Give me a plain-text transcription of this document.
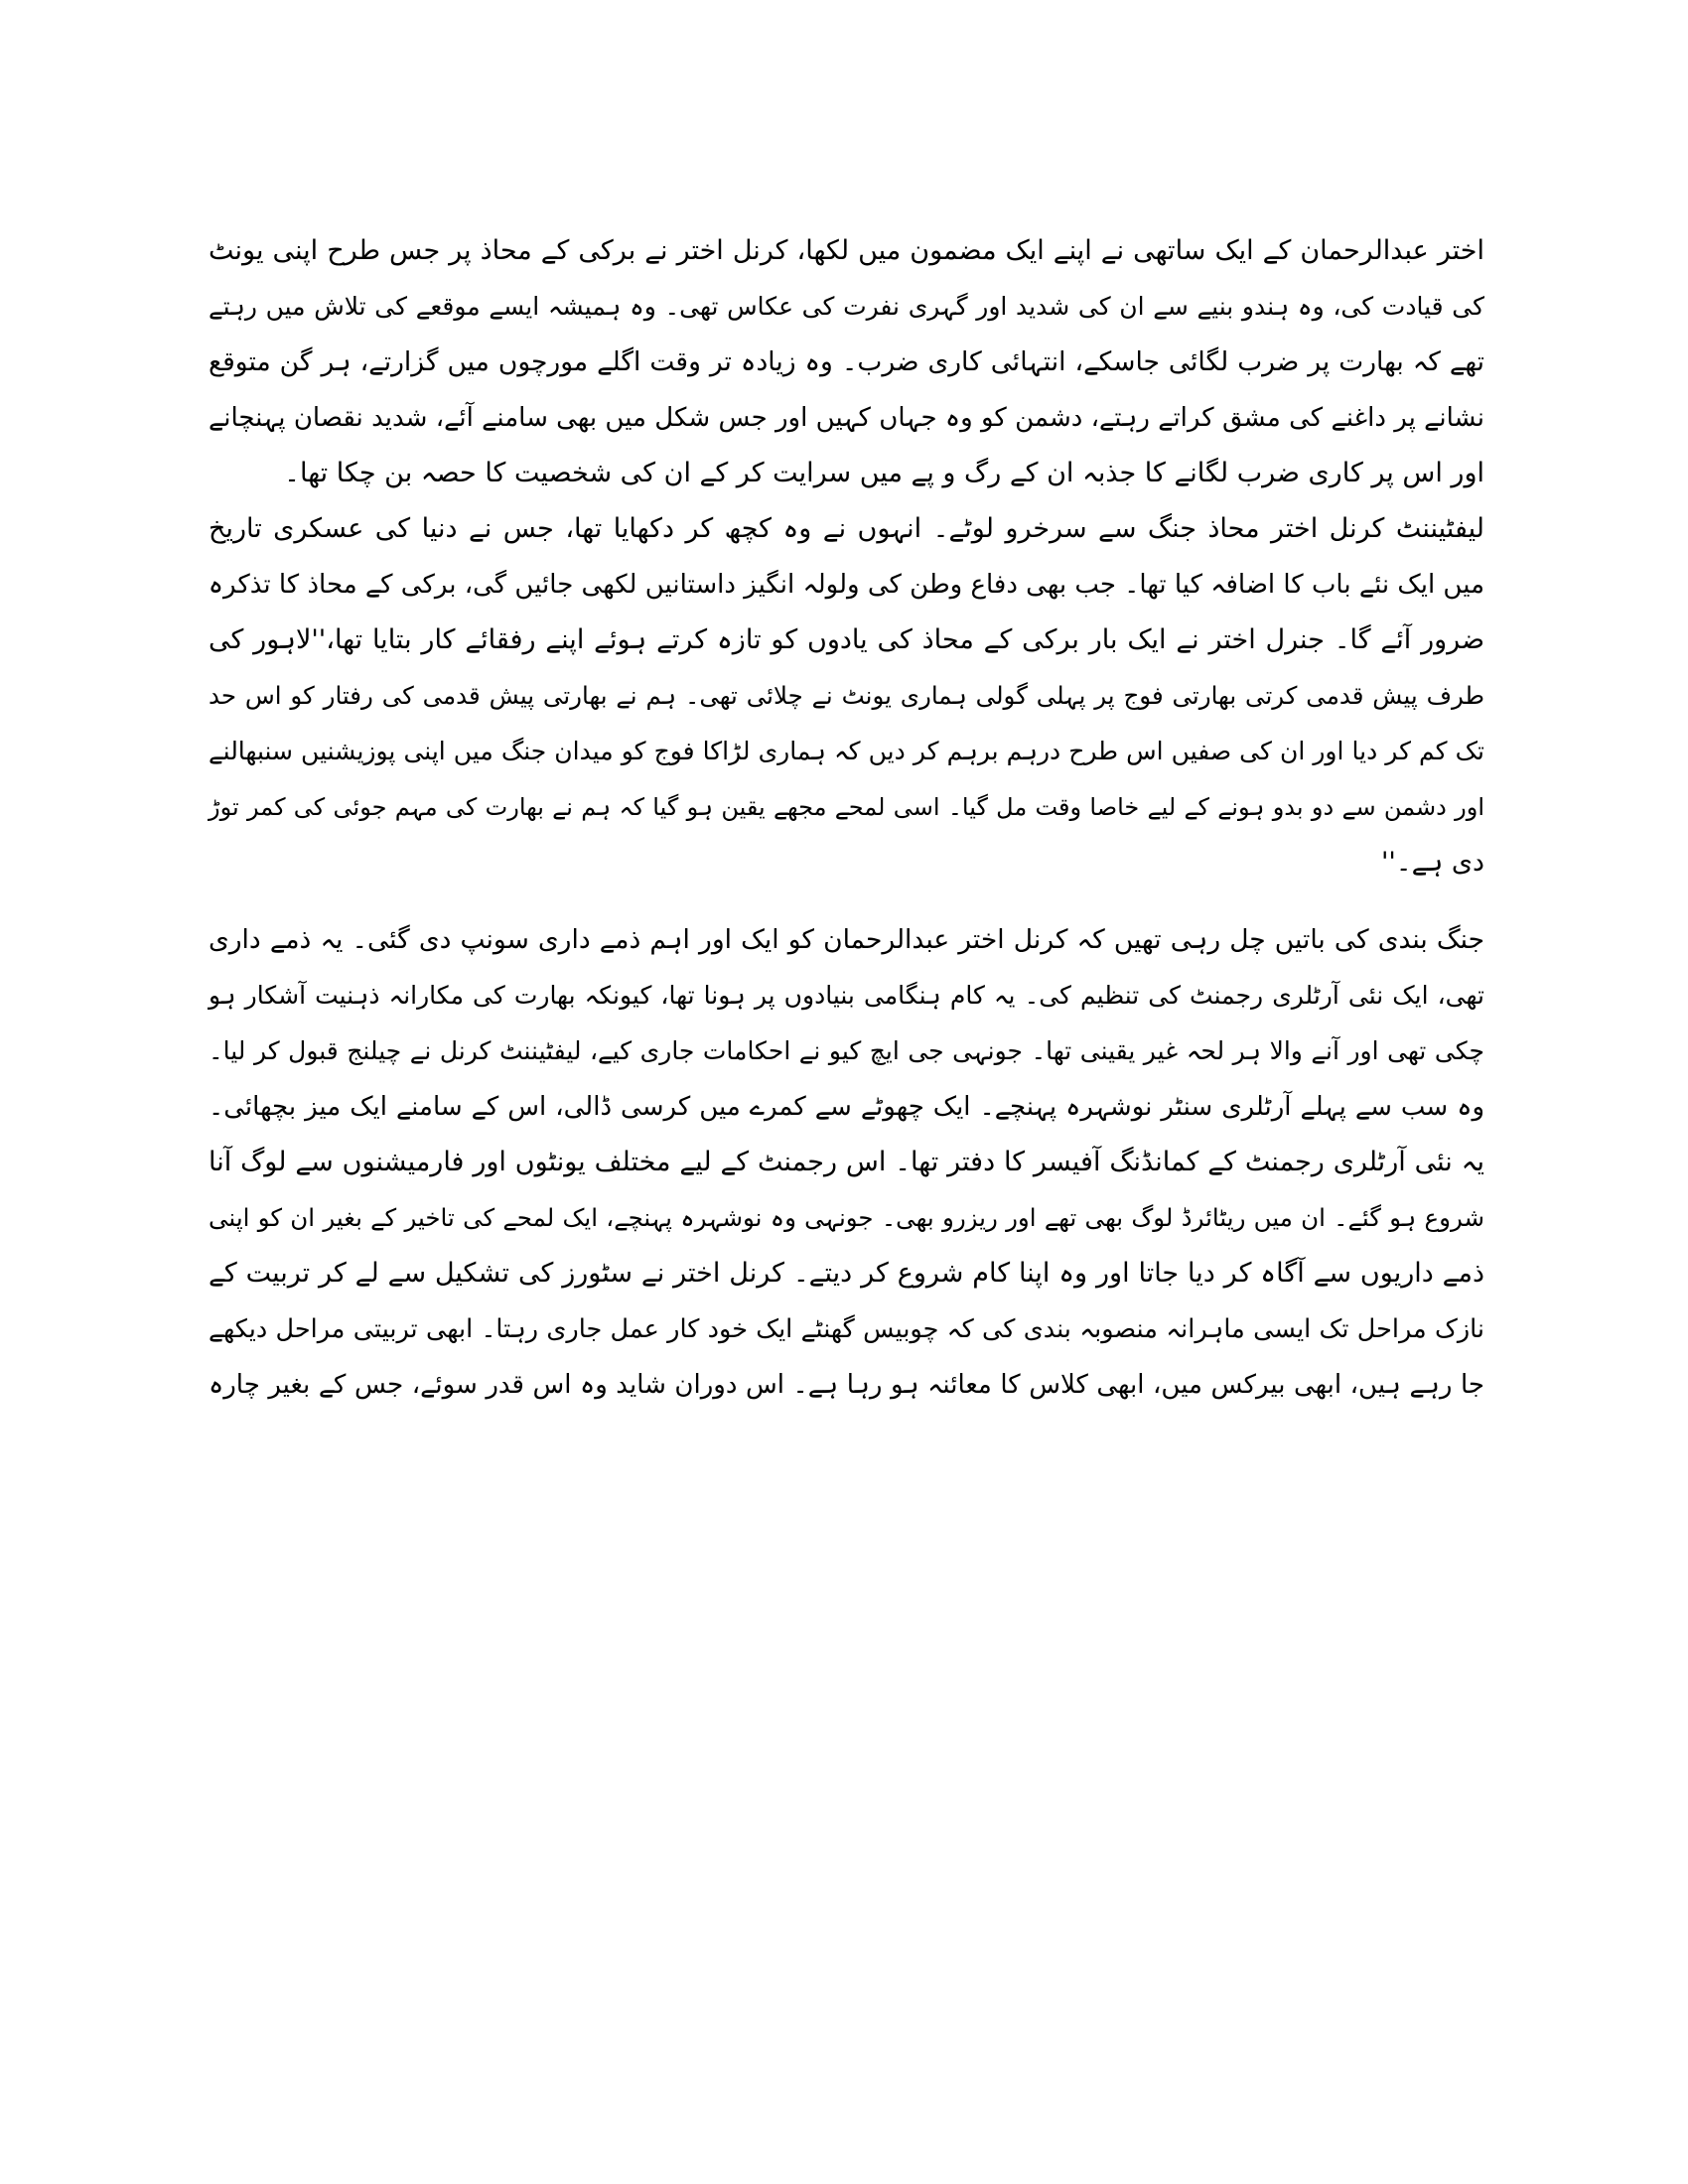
اختر عبدالرحمان کے ایک ساتھی نے اپنے ایک مضمون میں لکھا، کرنل اختر نے برکی کے محاذ پر جس طرح اپنی یونٹ
کی قیادت کی، وہ ہندو بنیے سے ان کی شدید اور گہری نفرت کی عکاس تھی۔ وہ ہمیشہ ایسے موقعے کی تلاش میں رہتے
تھے کہ بھارت پر ضرب لگائی جاسکے، انتہائی کاری ضرب۔ وہ زیادہ تر وقت اگلے مورچوں میں گزارتے، ہر گن متوقع
نشانے پر داغنے کی مشق کراتے رہتے، دشمن کو وہ جہاں کہیں اور جس شکل میں بھی سامنے آئے، شدید نقصان پہنچانے
اور اس پر کاری ضرب لگانے کا جذبہ ان کے رگ و پے میں سرایت کر کے ان کی شخصیت کا حصہ بن چکا تھا۔
لیفٹیننٹ کرنل اختر محاذ جنگ سے سرخرو لوٹے۔ انہوں نے وہ کچھ کر دکھایا تھا، جس نے دنیا کی عسکری تاریخ
میں ایک نئے باب کا اضافہ کیا تھا۔ جب بھی دفاع وطن کی ولولہ انگیز داستانیں لکھی جائیں گی، برکی کے محاذ کا تذکرہ
ضرور آئے گا۔ جنرل اختر نے ایک بار برکی کے محاذ کی یادوں کو تازہ کرتے ہوئے اپنے رفقائے کار بتایا تھا،''لاہور کی
طرف پیش قدمی کرتی بھارتی فوج پر پہلی گولی ہماری یونٹ نے چلائی تھی۔ ہم نے بھارتی پیش قدمی کی رفتار کو اس حد
تک کم کر دیا اور ان کی صفیں اس طرح درہم برہم کر دیں کہ ہماری لڑاکا فوج کو میدان جنگ میں اپنی پوزیشنیں سنبھالنے
اور دشمن سے دو بدو ہونے کے لیے خاصا وقت مل گیا۔ اسی لمحے مجھے یقین ہو گیا کہ ہم نے بھارت کی مہم جوئی کی کمر توڑ
دی ہے۔''
جنگ بندی کی باتیں چل رہی تھیں کہ کرنل اختر عبدالرحمان کو ایک اور اہم ذمے داری سونپ دی گئی۔ یہ ذمے داری
تھی، ایک نئی آرٹلری رجمنٹ کی تنظیم کی۔ یہ کام ہنگامی بنیادوں پر ہونا تھا، کیونکہ بھارت کی مکارانہ ذہنیت آشکار ہو
چکی تھی اور آنے والا ہر لحہ غیر یقینی تھا۔ جونہی جی ایچ کیو نے احکامات جاری کیے، لیفٹیننٹ کرنل نے چیلنج قبول کر لیا۔
وہ سب سے پہلے آرٹلری سنٹر نوشہرہ پہنچے۔ ایک چھوٹے سے کمرے میں کرسی ڈالی، اس کے سامنے ایک میز بچھائی۔
یہ نئی آرٹلری رجمنٹ کے کمانڈنگ آفیسر کا دفتر تھا۔ اس رجمنٹ کے لیے مختلف یونٹوں اور فارمیشنوں سے لوگ آنا
شروع ہو گئے۔ ان میں ریٹائرڈ لوگ بھی تھے اور ریزرو بھی۔ جونہی وہ نوشہرہ پہنچے، ایک لمحے کی تاخیر کے بغیر ان کو اپنی
ذمے داریوں سے آگاہ کر دیا جاتا اور وہ اپنا کام شروع کر دیتے۔ کرنل اختر نے سٹورز کی تشکیل سے لے کر تربیت کے
نازک مراحل تک ایسی ماہرانہ منصوبہ بندی کی کہ چوبیس گھنٹے ایک خود کار عمل جاری رہتا۔ ابھی تربیتی مراحل دیکھے
جا رہے ہیں، ابھی بیرکس میں، ابھی کلاس کا معائنہ ہو رہا ہے۔ اس دوران شاید وہ اس قدر سوئے، جس کے بغیر چارہ
